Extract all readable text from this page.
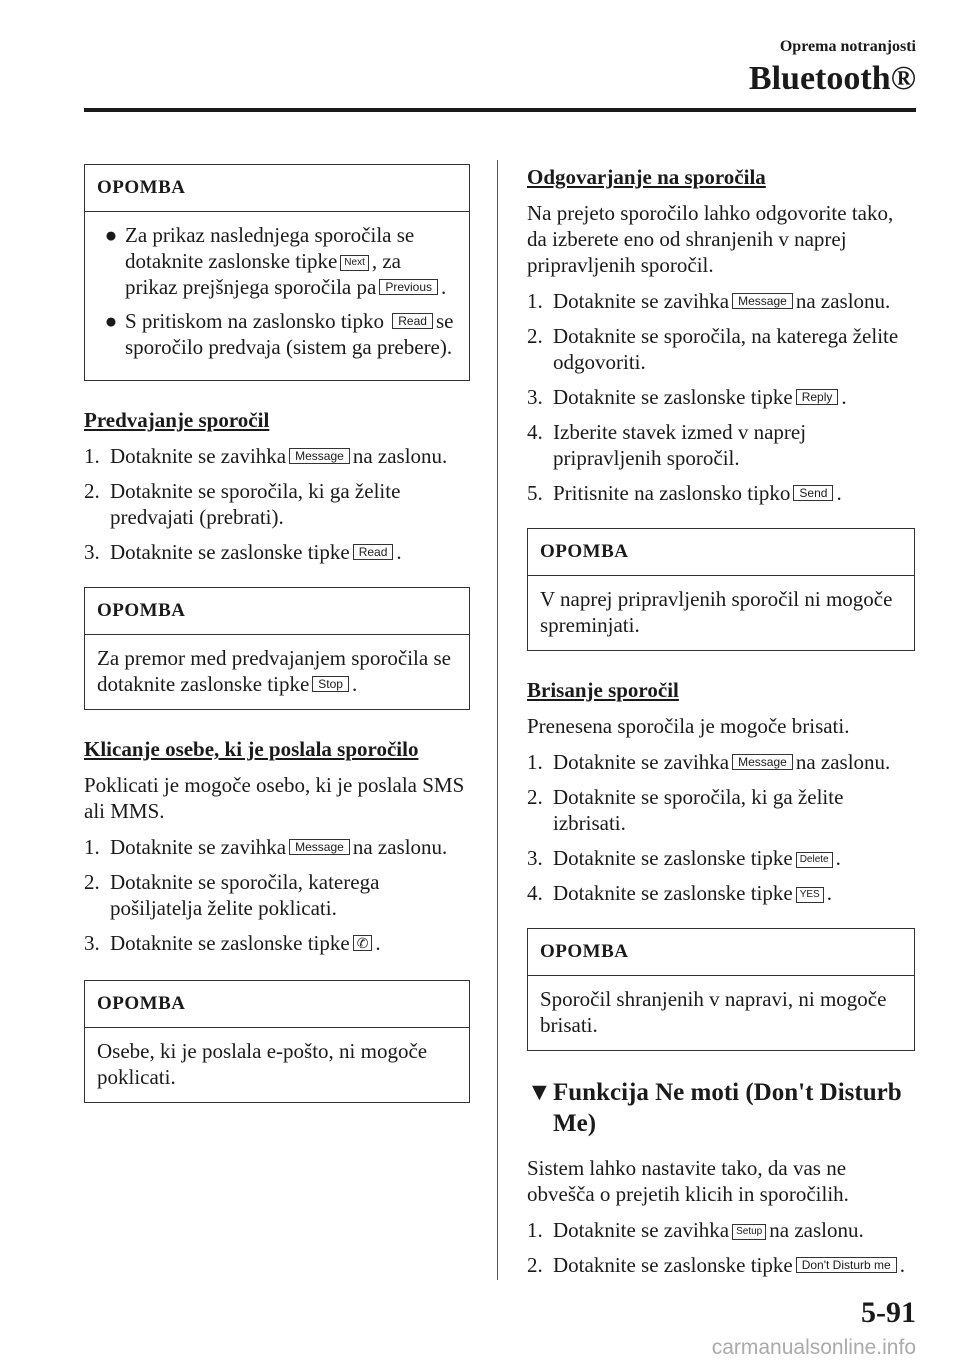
Oprema notranjosti
Bluetooth®
OPOMBA
● Za prikaz naslednjega sporočila se dotaknite zaslonske tipke Next , za prikaz prejšnjega sporočila pa Previous .
● S pritiskom na zaslonsko tipko Read se sporočilo predvaja (sistem ga prebere).
Predvajanje sporočil
1. Dotaknite se zavihka Message na zaslonu.
2. Dotaknite se sporočila, ki ga želite predvajati (prebrati).
3. Dotaknite se zaslonske tipke Read .
OPOMBA
Za premor med predvajanjem sporočila se dotaknite zaslonske tipke Stop .
Klicanje osebe, ki je poslala sporočilo

Poklicati je mogoče osebo, ki je poslala SMS ali MMS.

1. Dotaknite se zavihka Message na zaslonu.
2. Dotaknite se sporočila, katerega pošiljatelja želite poklicati.
3. Dotaknite se zaslonske tipke ✆ .
OPOMBA
Osebe, ki je poslala e-pošto, ni mogoče poklicati.
Odgovarjanje na sporočila

Na prejeto sporočilo lahko odgovorite tako, da izberete eno od shranjenih v naprej pripravljenih sporočil.

1. Dotaknite se zavihka Message na zaslonu.
2. Dotaknite se sporočila, na katerega želite odgovoriti.
3. Dotaknite se zaslonske tipke Reply .
4. Izberite stavek izmed v naprej pripravljenih sporočil.
5. Pritisnite na zaslonsko tipko Send .
OPOMBA
V naprej pripravljenih sporočil ni mogoče spreminjati.
Brisanje sporočil

Prenesena sporočila je mogoče brisati.

1. Dotaknite se zavihka Message na zaslonu.
2. Dotaknite se sporočila, ki ga želite izbrisati.
3. Dotaknite se zaslonske tipke Delete .
4. Dotaknite se zaslonske tipke YES .
OPOMBA
Sporočil shranjenih v napravi, ni mogoče brisati.
▼ Funkcija Ne moti (Don't Disturb Me)

Sistem lahko nastavite tako, da vas ne obvešča o prejetih klicih in sporočilih.

1. Dotaknite se zavihka Setup na zaslonu.
2. Dotaknite se zaslonske tipke Don't Disturb me .
5-91
carmanualsonline.info
